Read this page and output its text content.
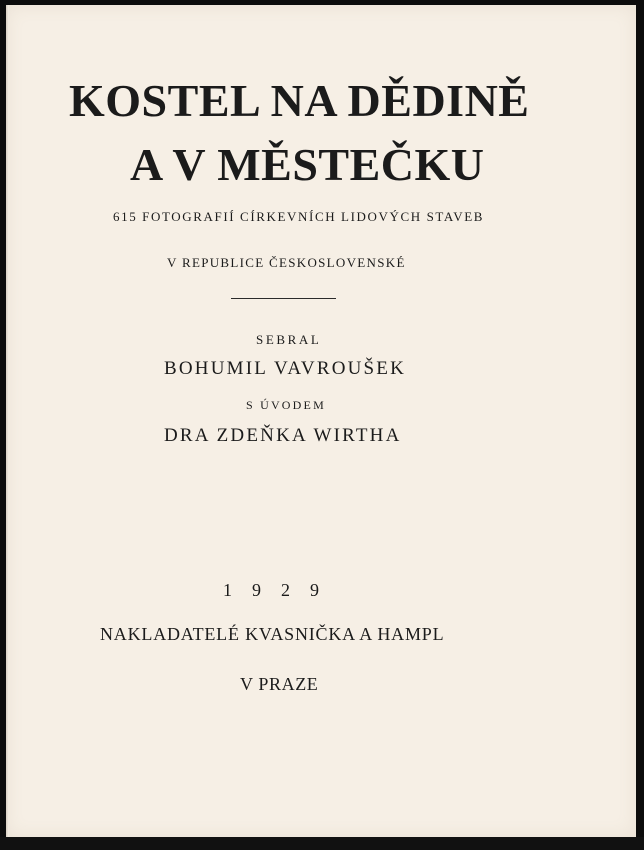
KOSTEL NA DĚDINĚ
A V MĚSTEČKU

615 FOTOGRAFIÍ CÍRKEVNÍCH LIDOVÝCH STAVEB

V REPUBLICE ČESKOSLOVENSKÉ

SEBRAL

BOHUMIL VAVROUŠEK

S ÚVODEM

DRA ZDEŇKA WIRTHA

1929

NAKLADATELÉ KVASNIČKA A HAMPL

V PRAZE
